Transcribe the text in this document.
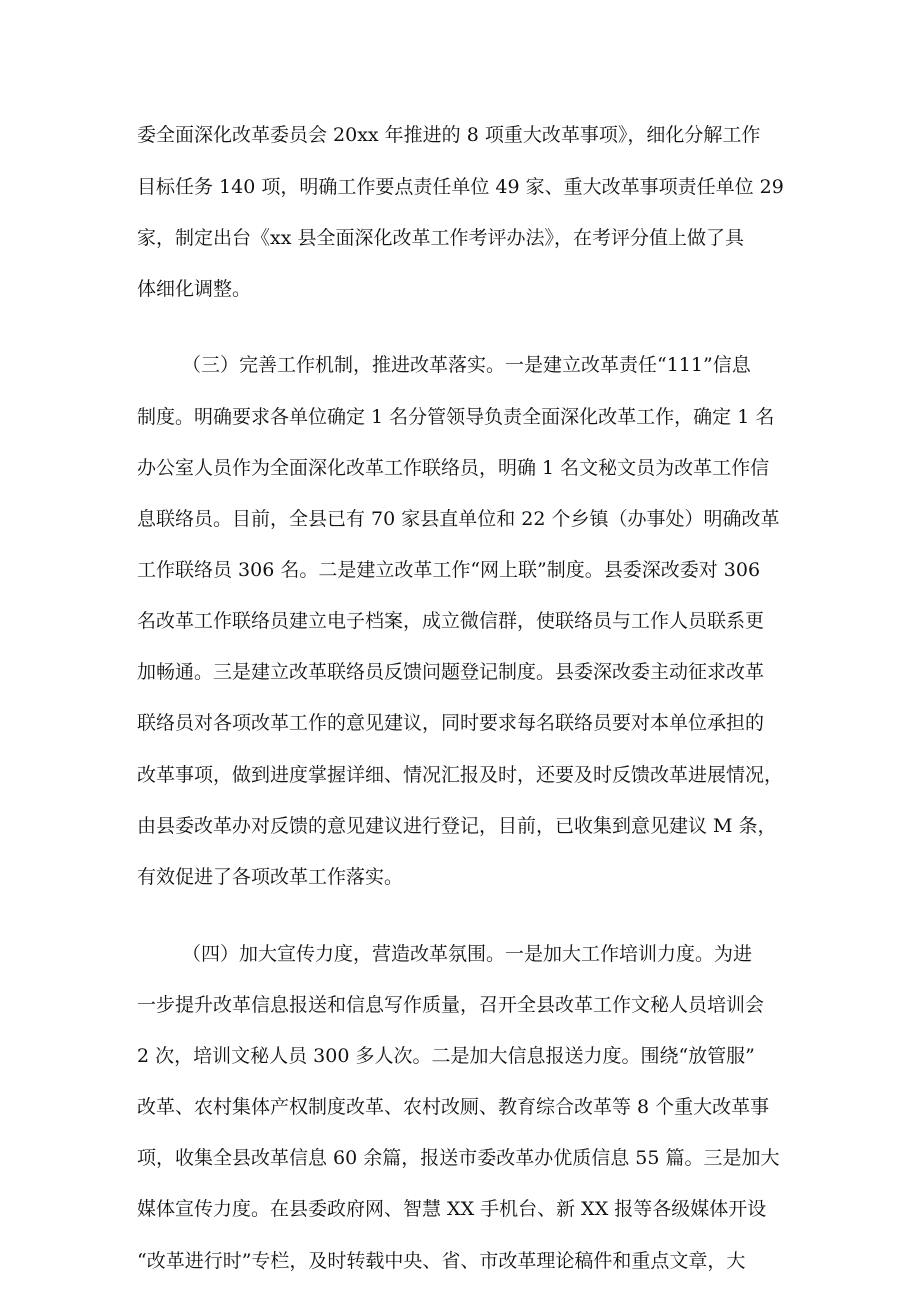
委全面深化改革委员会 20xx 年推进的 8 项重大改革事项》，细化分解工作
目标任务 140 项，明确工作要点责任单位 49 家、重大改革事项责任单位 29
家，制定出台《xx 县全面深化改革工作考评办法》，在考评分值上做了具
体细化调整。
（三）完善工作机制，推进改革落实。一是建立改革责任“111”信息
制度。明确要求各单位确定 1 名分管领导负责全面深化改革工作，确定 1 名
办公室人员作为全面深化改革工作联络员，明确 1 名文秘文员为改革工作信
息联络员。目前，全县已有 70 家县直单位和 22 个乡镇（办事处）明确改革
工作联络员 306 名。二是建立改革工作“网上联”制度。县委深改委对 306
名改革工作联络员建立电子档案，成立微信群，使联络员与工作人员联系更
加畅通。三是建立改革联络员反馈问题登记制度。县委深改委主动征求改革
联络员对各项改革工作的意见建议，同时要求每名联络员要对本单位承担的
改革事项，做到进度掌握详细、情况汇报及时，还要及时反馈改革进展情况，
由县委改革办对反馈的意见建议进行登记，目前，已收集到意见建议 M 条，
有效促进了各项改革工作落实。
（四）加大宣传力度，营造改革氛围。一是加大工作培训力度。为进
一步提升改革信息报送和信息写作质量，召开全县改革工作文秘人员培训会
2 次，培训文秘人员 300 多人次。二是加大信息报送力度。围绕“放管服”
改革、农村集体产权制度改革、农村改厕、教育综合改革等 8 个重大改革事
项，收集全县改革信息 60 余篇，报送市委改革办优质信息 55 篇。三是加大
媒体宣传力度。在县委政府网、智慧 XX 手机台、新 XX 报等各级媒体开设
“改革进行时”专栏，及时转载中央、省、市改革理论稿件和重点文章，大
